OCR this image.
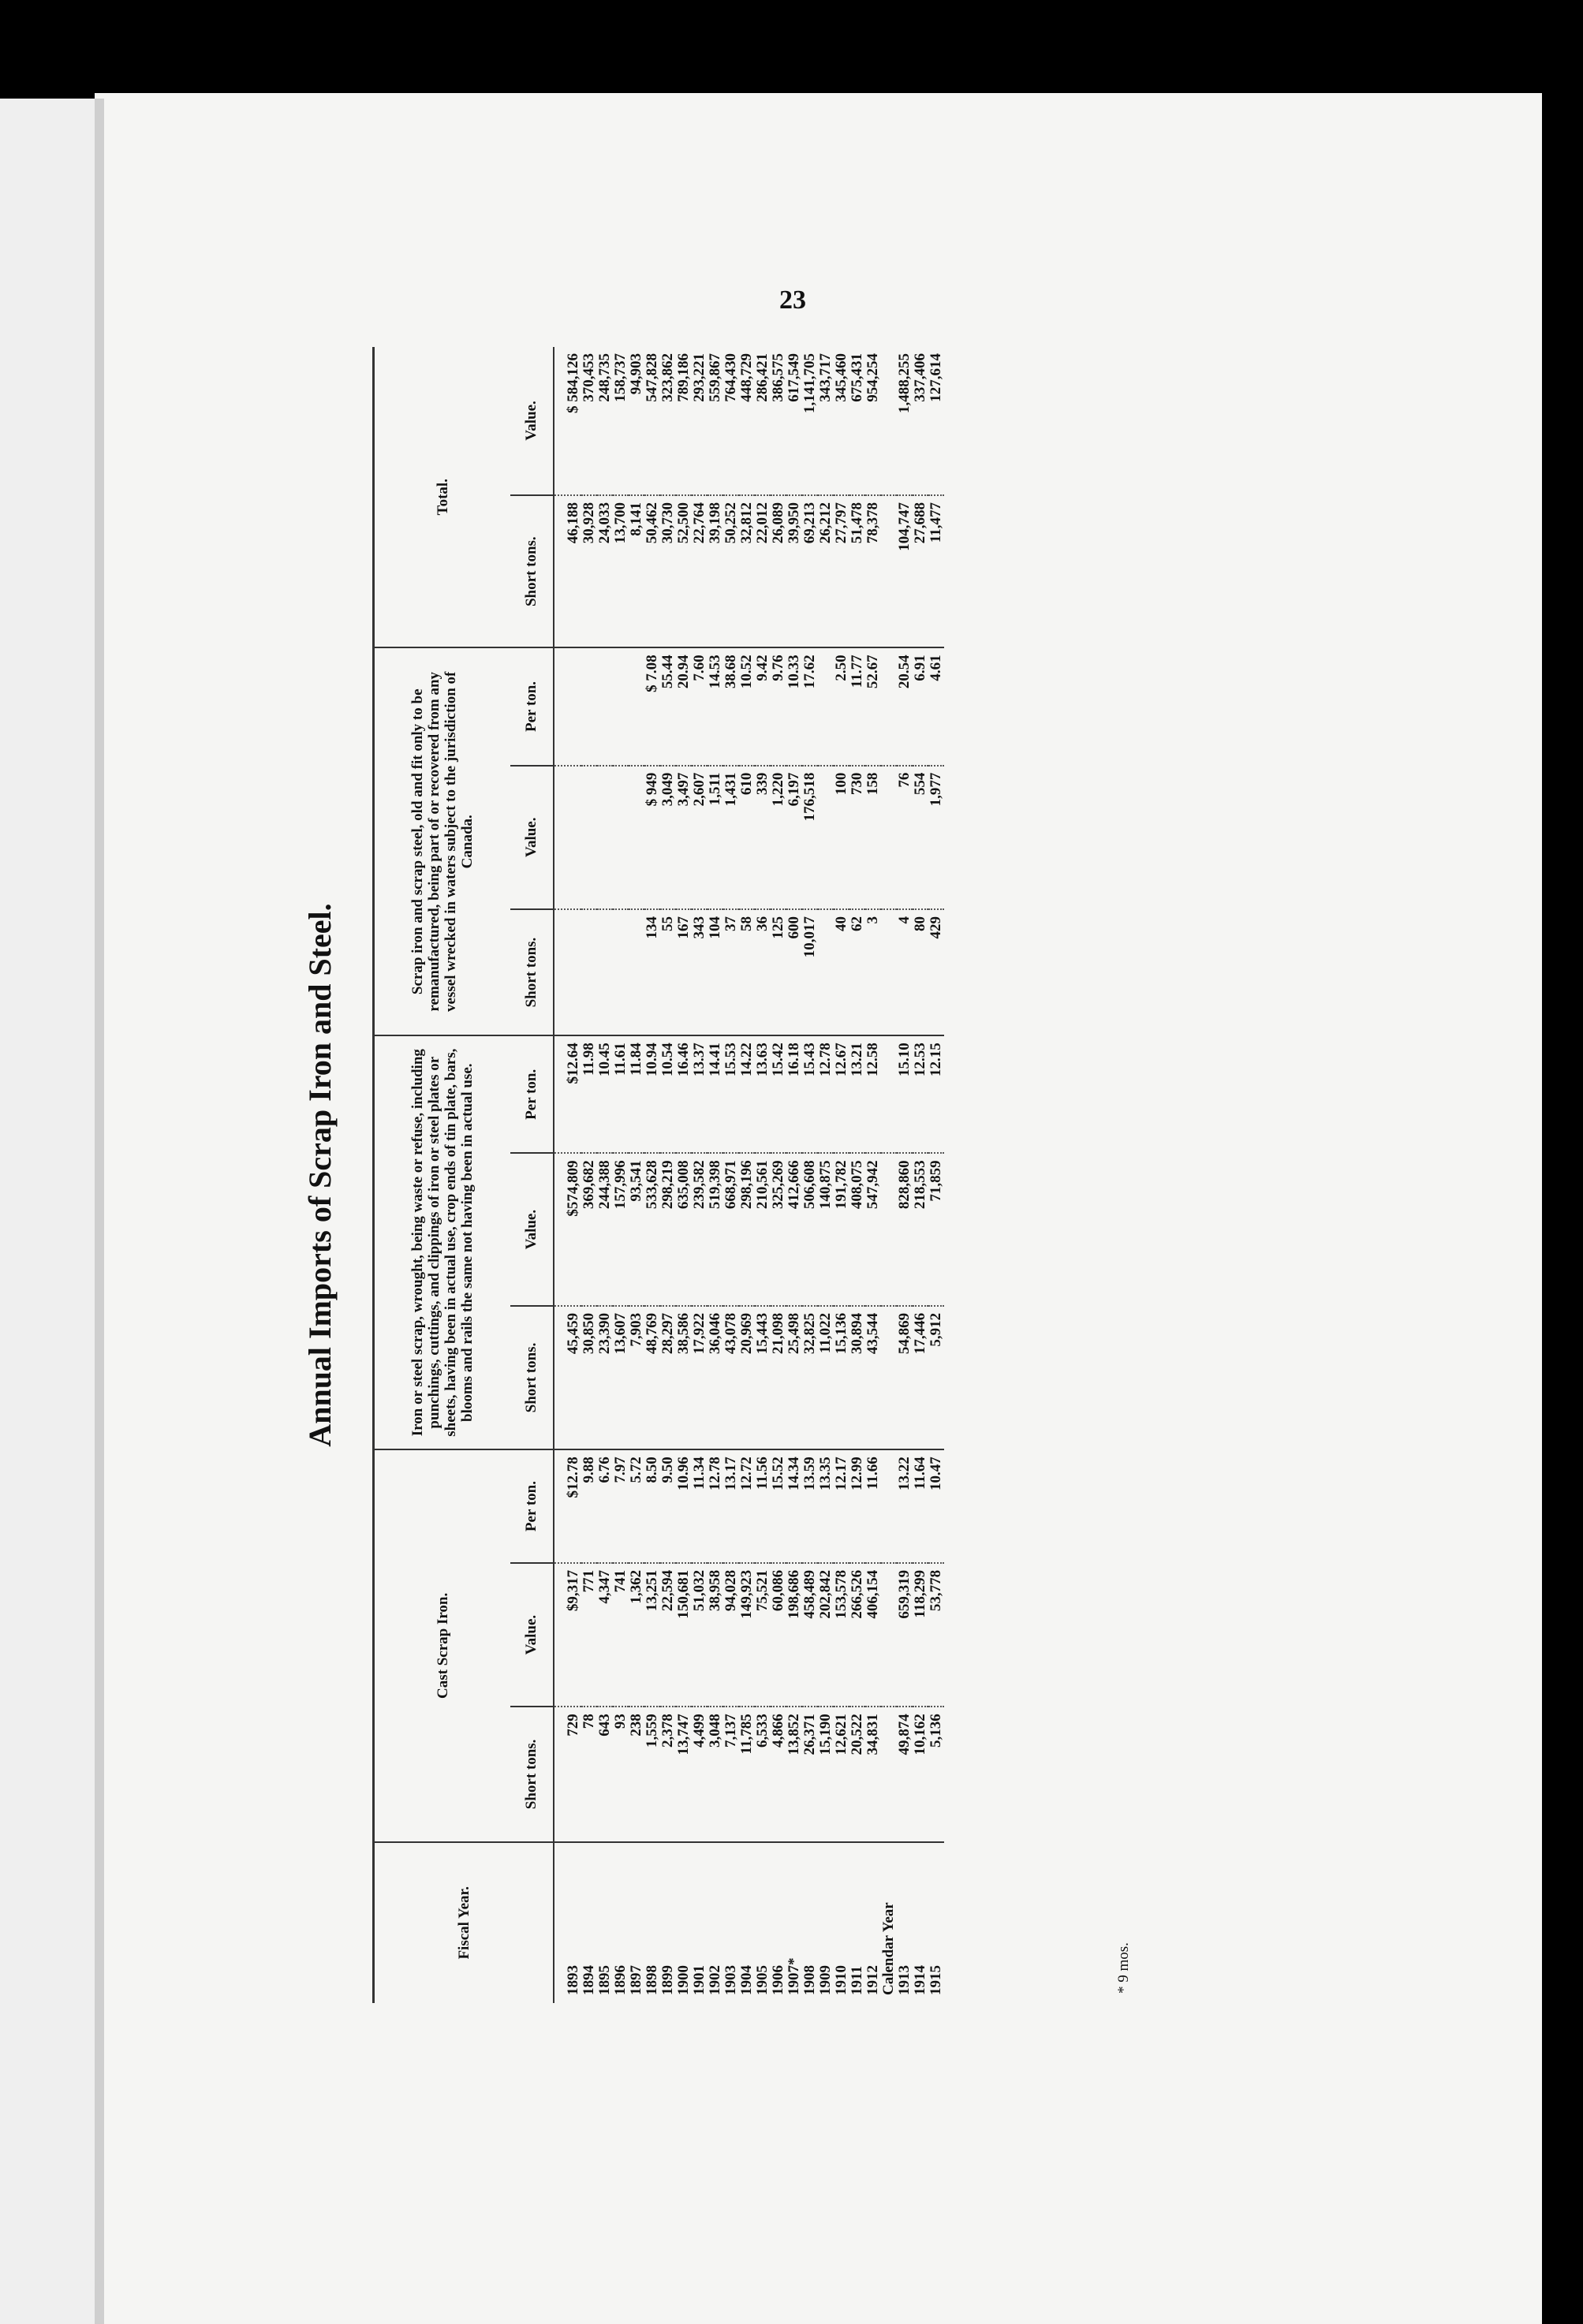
23
Annual Imports of Scrap Iron and Steel.
Fiscal Year.	Cast Scrap Iron.			Iron or steel scrap, wrought, being waste or refuse, including punchings, cuttings, and clippings of iron or steel plates or sheets, having been in actual use, crop ends of tin plate, bars, blooms and rails the same not having been in actual use.			Scrap iron and scrap steel, old and fit only to be remanufactured, being part of or recovered from any vessel wrecked in waters subject to the jurisdiction of Canada.			Total.	
	Short tons.	Value.	Per ton.	Short tons.	Value.	Per ton.	Short tons.	Value.	Per ton.	Short tons.	Value.
1893	729	$9,317	$12.78	45,459	$574,809	$12.64				46,188	$ 584,126
1894	78	771	9.88	30,850	369,682	11.98				30,928	370,453
1895	643	4,347	6.76	23,390	244,388	10.45				24,033	248,735
1896	93	741	7.97	13,607	157,996	11.61				13,700	158,737
1897	238	1,362	5.72	7,903	93,541	11.84				8,141	94,903
1898	1,559	13,251	8.50	48,769	533,628	10.94	134	$ 949	$ 7.08	50,462	547,828
1899	2,378	22,594	9.50	28,297	298,219	10.54	55	3,049	55.44	30,730	323,862
1900	13,747	150,681	10.96	38,586	635,008	16.46	167	3,497	20.94	52,500	789,186
1901	4,499	51,032	11.34	17,922	239,582	13.37	343	2,607	7.60	22,764	293,221
1902	3,048	38,958	12.78	36,046	519,398	14.41	104	1,511	14.53	39,198	559,867
1903	7,137	94,028	13.17	43,078	668,971	15.53	37	1,431	38.68	50,252	764,430
1904	11,785	149,923	12.72	20,969	298,196	14.22	58	610	10.52	32,812	448,729
1905	6,533	75,521	11.56	15,443	210,561	13.63	36	339	9.42	22,012	286,421
1906	4,866	60,086	15.52	21,098	325,269	15.42	125	1,220	9.76	26,089	386,575
1907*	13,852	198,686	14.34	25,498	412,666	16.18	600	6,197	10.33	39,950	617,549
1908	26,371	458,489	13.59	32,825	506,608	15.43	10,017	176,518	17.62	69,213	1,141,705
1909	15,190	202,842	13.35	11,022	140,875	12.78				26,212	343,717
1910	12,621	153,578	12.17	15,136	191,782	12.67	40	100	2.50	27,797	345,460
1911	20,522	266,526	12.99	30,894	408,075	13.21	62	730	11.77	51,478	675,431
1912	34,831	406,154	11.66	43,544	547,942	12.58	3	158	52.67	78,378	954,254
Calendar Year											
1913	49,874	659,319	13.22	54,869	828,860	15.10	4	76	20.54	104,747	1,488,255
1914	10,162	118,299	11.64	17,446	218,553	12.53	80	554	6.91	27,688	337,406
1915	5,136	53,778	10.47	5,912	71,859	12.15	429	1,977	4.61	11,477	127,614
* 9 mos.
